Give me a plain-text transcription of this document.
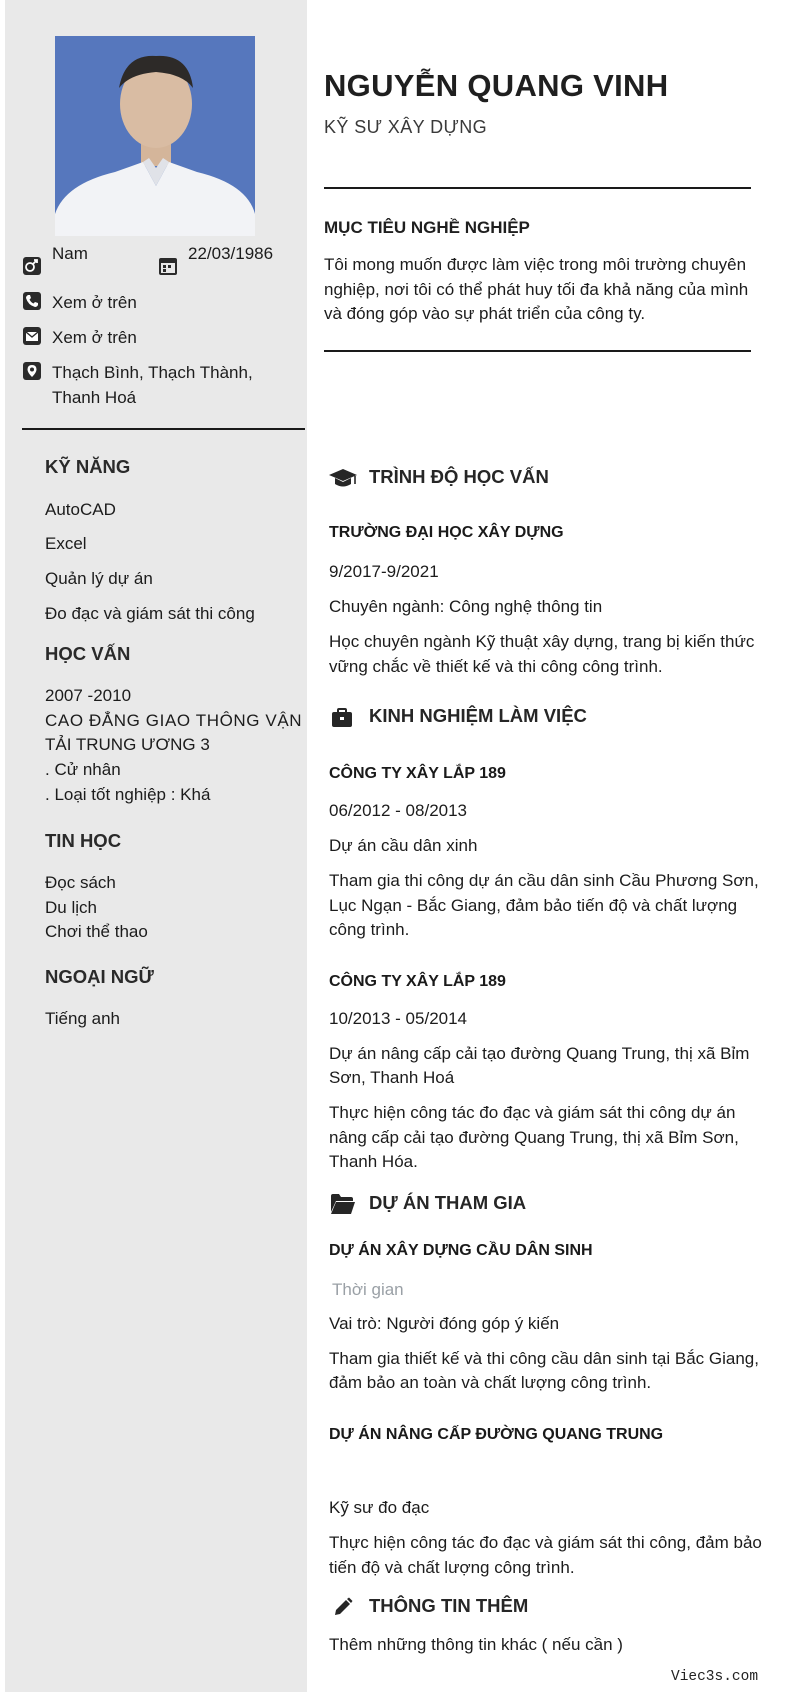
Nam	22/03/1986
Xem ở trên
Xem ở trên
Thạch Bình, Thạch Thành,
Thanh Hoá
KỸ NĂNG
AutoCAD
Excel
Quản lý dự án
Đo đạc và giám sát thi công
HỌC VẤN
2007 -2010
CAO ĐẲNG GIAO THÔNG VẬN
TẢI TRUNG ƯƠNG 3
. Cử nhân
. Loại tốt nghiệp : Khá
TIN HỌC
Đọc sách
Du lịch
Chơi thể thao
NGOẠI NGỮ
Tiếng anh
NGUYỄN QUANG VINH
KỸ SƯ XÂY DỰNG
MỤC TIÊU NGHỀ NGHIỆP
Tôi mong muốn được làm việc trong môi trường chuyên
nghiệp, nơi tôi có thể phát huy tối đa khả năng của mình
và đóng góp vào sự phát triển của công ty.
TRÌNH ĐỘ HỌC VẤN
TRƯỜNG ĐẠI HỌC XÂY DỰNG
9/2017-9/2021
Chuyên ngành: Công nghệ thông tin
Học chuyên ngành Kỹ thuật xây dựng, trang bị kiến thức
vững chắc về thiết kế và thi công công trình.
KINH NGHIỆM LÀM VIỆC
CÔNG TY XÂY LẮP 189
06/2012 - 08/2013
Dự án cầu dân xinh
Tham gia thi công dự án cầu dân sinh Cầu Phương Sơn,
Lục Ngạn - Bắc Giang, đảm bảo tiến độ và chất lượng
công trình.
CÔNG TY XÂY LẮP 189
10/2013 - 05/2014
Dự án nâng cấp cải tạo đường Quang Trung, thị xã Bỉm
Sơn, Thanh Hoá
Thực hiện công tác đo đạc và giám sát thi công dự án
nâng cấp cải tạo đường Quang Trung, thị xã Bỉm Sơn,
Thanh Hóa.
DỰ ÁN THAM GIA
DỰ ÁN XÂY DỰNG CẦU DÂN SINH
Thời gian
Vai trò: Người đóng góp ý kiến
Tham gia thiết kế và thi công cầu dân sinh tại Bắc Giang,
đảm bảo an toàn và chất lượng công trình.
DỰ ÁN NÂNG CẤP ĐƯỜNG QUANG TRUNG
Kỹ sư đo đạc
Thực hiện công tác đo đạc và giám sát thi công, đảm bảo
tiến độ và chất lượng công trình.
THÔNG TIN THÊM
Thêm những thông tin khác ( nếu cần )
Viec3s.com
